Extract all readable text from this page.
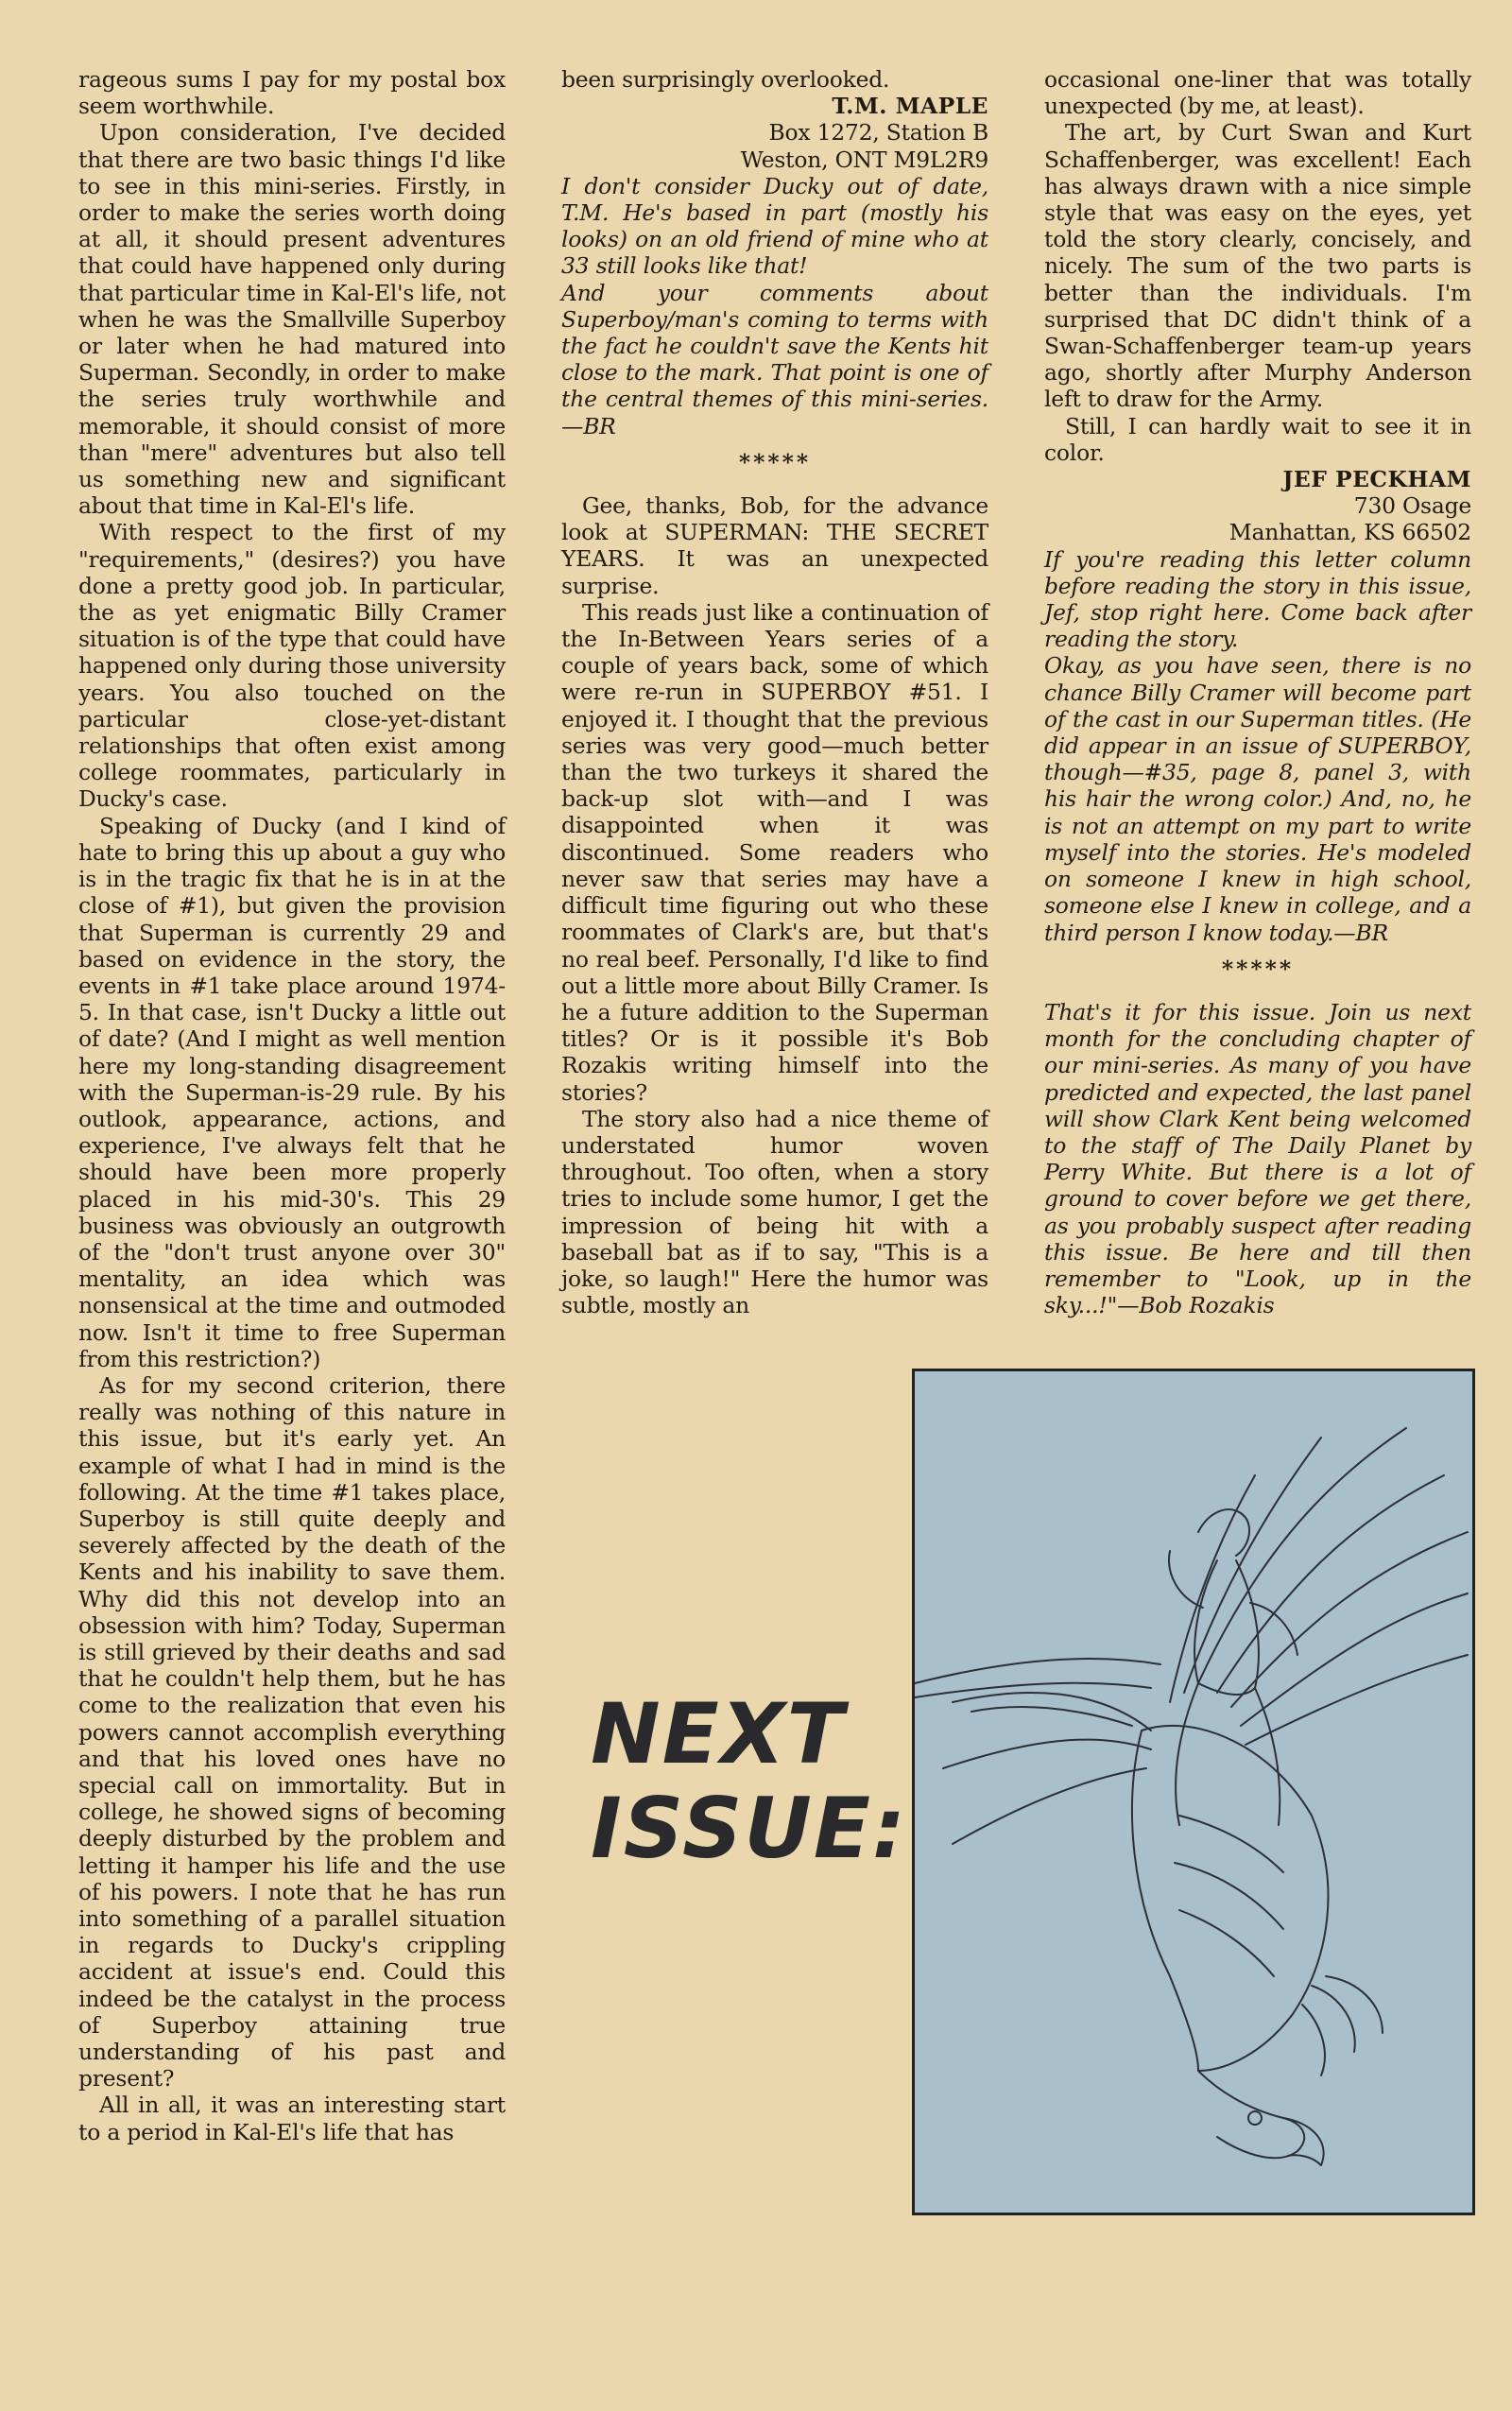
rageous sums I pay for my postal box seem worthwhile.

Upon consideration, I've decided that there are two basic things I'd like to see in this mini-series. Firstly, in order to make the series worth doing at all, it should present adventures that could have happened only during that particular time in Kal-El's life, not when he was the Smallville Superboy or later when he had matured into Superman. Secondly, in order to make the series truly worthwhile and memorable, it should consist of more than "mere" adventures but also tell us something new and significant about that time in Kal-El's life.

With respect to the first of my "requirements," (desires?) you have done a pretty good job. In particular, the as yet enigmatic Billy Cramer situation is of the type that could have happened only during those university years. You also touched on the particular close-yet-distant relationships that often exist among college roommates, particularly in Ducky's case.

Speaking of Ducky (and I kind of hate to bring this up about a guy who is in the tragic fix that he is in at the close of #1), but given the provision that Superman is currently 29 and based on evidence in the story, the events in #1 take place around 1974-5. In that case, isn't Ducky a little out of date? (And I might as well mention here my long-standing disagreement with the Superman-is-29 rule. By his outlook, appearance, actions, and experience, I've always felt that he should have been more properly placed in his mid-30's. This 29 business was obviously an outgrowth of the "don't trust anyone over 30" mentality, an idea which was nonsensical at the time and outmoded now. Isn't it time to free Superman from this restriction?)

As for my second criterion, there really was nothing of this nature in this issue, but it's early yet. An example of what I had in mind is the following. At the time #1 takes place, Superboy is still quite deeply and severely affected by the death of the Kents and his inability to save them. Why did this not develop into an obsession with him? Today, Superman is still grieved by their deaths and sad that he couldn't help them, but he has come to the realization that even his powers cannot accomplish everything and that his loved ones have no special call on immortality. But in college, he showed signs of becoming deeply disturbed by the problem and letting it hamper his life and the use of his powers. I note that he has run into something of a parallel situation in regards to Ducky's crippling accident at issue's end. Could this indeed be the catalyst in the process of Superboy attaining true understanding of his past and present?

All in all, it was an interesting start to a period in Kal-El's life that has

been surprisingly overlooked.

T.M. MAPLE
Box 1272, Station B
Weston, ONT M9L2R9

I don't consider Ducky out of date, T.M. He's based in part (mostly his looks) on an old friend of mine who at 33 still looks like that!

And your comments about Superboy/man's coming to terms with the fact he couldn't save the Kents hit close to the mark. That point is one of the central themes of this mini-series.—BR

*****

Gee, thanks, Bob, for the advance look at SUPERMAN: THE SECRET YEARS. It was an unexpected surprise.

This reads just like a continuation of the In-Between Years series of a couple of years back, some of which were re-run in SUPERBOY #51. I enjoyed it. I thought that the previous series was very good—much better than the two turkeys it shared the back-up slot with—and I was disappointed when it was discontinued. Some readers who never saw that series may have a difficult time figuring out who these roommates of Clark's are, but that's no real beef. Personally, I'd like to find out a little more about Billy Cramer. Is he a future addition to the Superman titles? Or is it possible it's Bob Rozakis writing himself into the stories?

The story also had a nice theme of understated humor woven throughout. Too often, when a story tries to include some humor, I get the impression of being hit with a baseball bat as if to say, "This is a joke, so laugh!" Here the humor was subtle, mostly an

occasional one-liner that was totally unexpected (by me, at least).

The art, by Curt Swan and Kurt Schaffenberger, was excellent! Each has always drawn with a nice simple style that was easy on the eyes, yet told the story clearly, concisely, and nicely. The sum of the two parts is better than the individuals. I'm surprised that DC didn't think of a Swan-Schaffenberger team-up years ago, shortly after Murphy Anderson left to draw for the Army.

Still, I can hardly wait to see it in color.

JEF PECKHAM
730 Osage
Manhattan, KS 66502

If you're reading this letter column before reading the story in this issue, Jef, stop right here. Come back after reading the story.

Okay, as you have seen, there is no chance Billy Cramer will become part of the cast in our Superman titles. (He did appear in an issue of SUPERBOY, though—#35, page 8, panel 3, with his hair the wrong color.) And, no, he is not an attempt on my part to write myself into the stories. He's modeled on someone I knew in high school, someone else I knew in college, and a third person I know today.—BR

*****

That's it for this issue. Join us next month for the concluding chapter of our mini-series. As many of you have predicted and expected, the last panel will show Clark Kent being welcomed to the staff of The Daily Planet by Perry White. But there is a lot of ground to cover before we get there, as you probably suspect after reading this issue. Be here and till then remember to "Look, up in the sky...!"—Bob Rozakis

NEXT
ISSUE:
